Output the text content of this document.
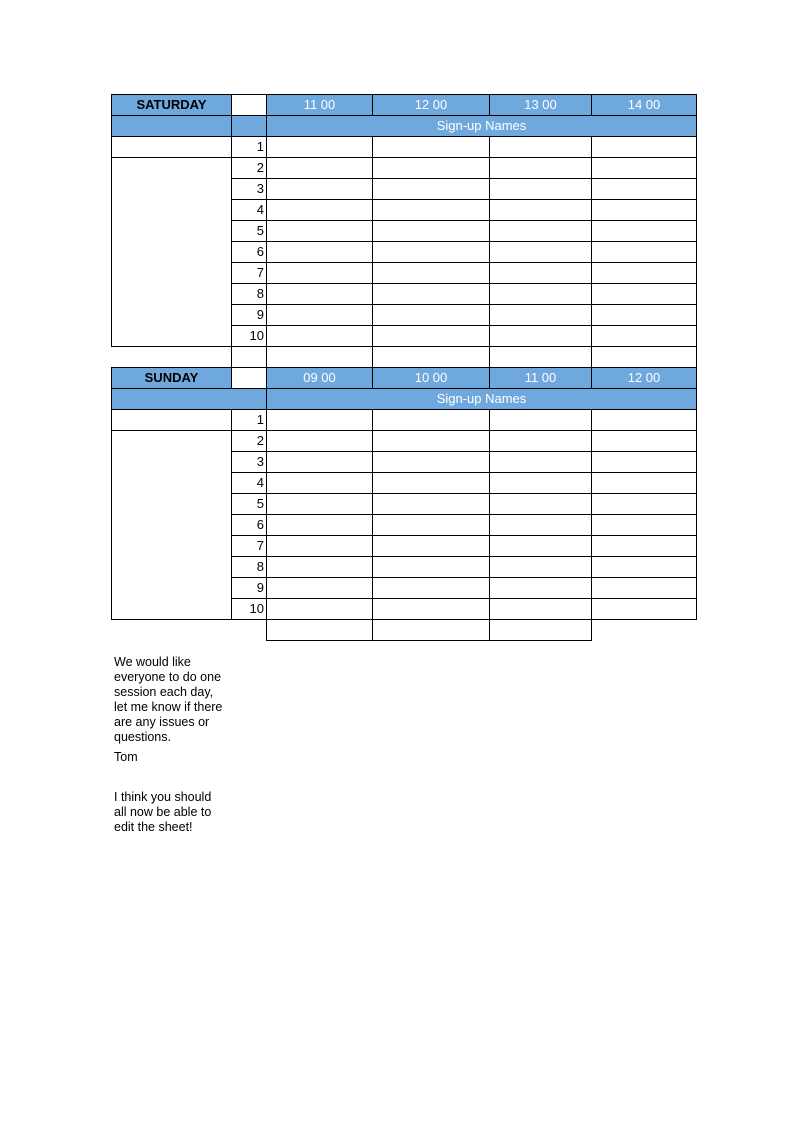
SATURDAY	11 00	12 00	13 00	14 00
Sign-up Names
1
2
3
4
5
6
7
8
9
10
SUNDAY	09 00	10 00	11 00	12 00
Sign-up Names
1
2
3
4
5
6
7
8
9
10
We would like
everyone to do one
session each day,
let me know if there
are any issues or
questions.
Tom
I think you should
all now be able to
edit the sheet!
